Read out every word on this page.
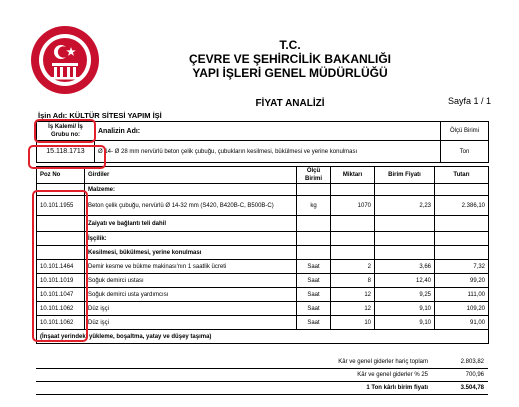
T.C.
ÇEVRE VE ŞEHİRCİLİK BAKANLIĞI
YAPI İŞLERİ GENEL MÜDÜRLÜĞÜ
FİYAT ANALİZİ	Sayfa 1 / 1
İşin Adı: KÜLTÜR SİTESİ YAPIM İŞİ
İş Kalemi/ İş Grubu no:	Analizin Adı:	Ölçü Birimi
15.118.1713	Ø 14- Ø 28 mm nervürlü beton çelik çubuğu, çubukların kesilmesi, bükülmesi ve yerine konulması	Ton
Poz No	Girdiler	Ölçü Birimi	Miktarı	Birim Fiyatı	Tutarı
	Malzeme:				
10.101.1955	Beton çelik çubuğu, nervürlü Ø 14-32 mm (S420, B420B-C, B500B-C)	kg	1070	2,23	2.386,10
	Zaiyatı ve bağlantı teli dahil				
	İşçilik:				
	Kesilmesi, bükülmesi, yerine konulması				
10.101.1464	Demir kesme ve bükme makinası'nın 1 saatlik ücreti	Saat	2	3,66	7,32
10.101.1019	Soğuk demirci ustası	Saat	8	12,40	99,20
10.101.1047	Soğuk demirci usta yardımcısı	Saat	12	9,25	111,00
10.101.1062	Düz işçi	Saat	12	9,10	109,20
10.101.1062	Düz işçi	Saat	10	9,10	91,00
(İnşaat yerindeki yükleme, boşaltma, yatay ve düşey taşıma)					
Kâr ve genel giderler hariç toplam	2.803,82
Kâr ve genel giderler % 25	700,96
1 Ton kârlı birim fiyatı	3.504,78
